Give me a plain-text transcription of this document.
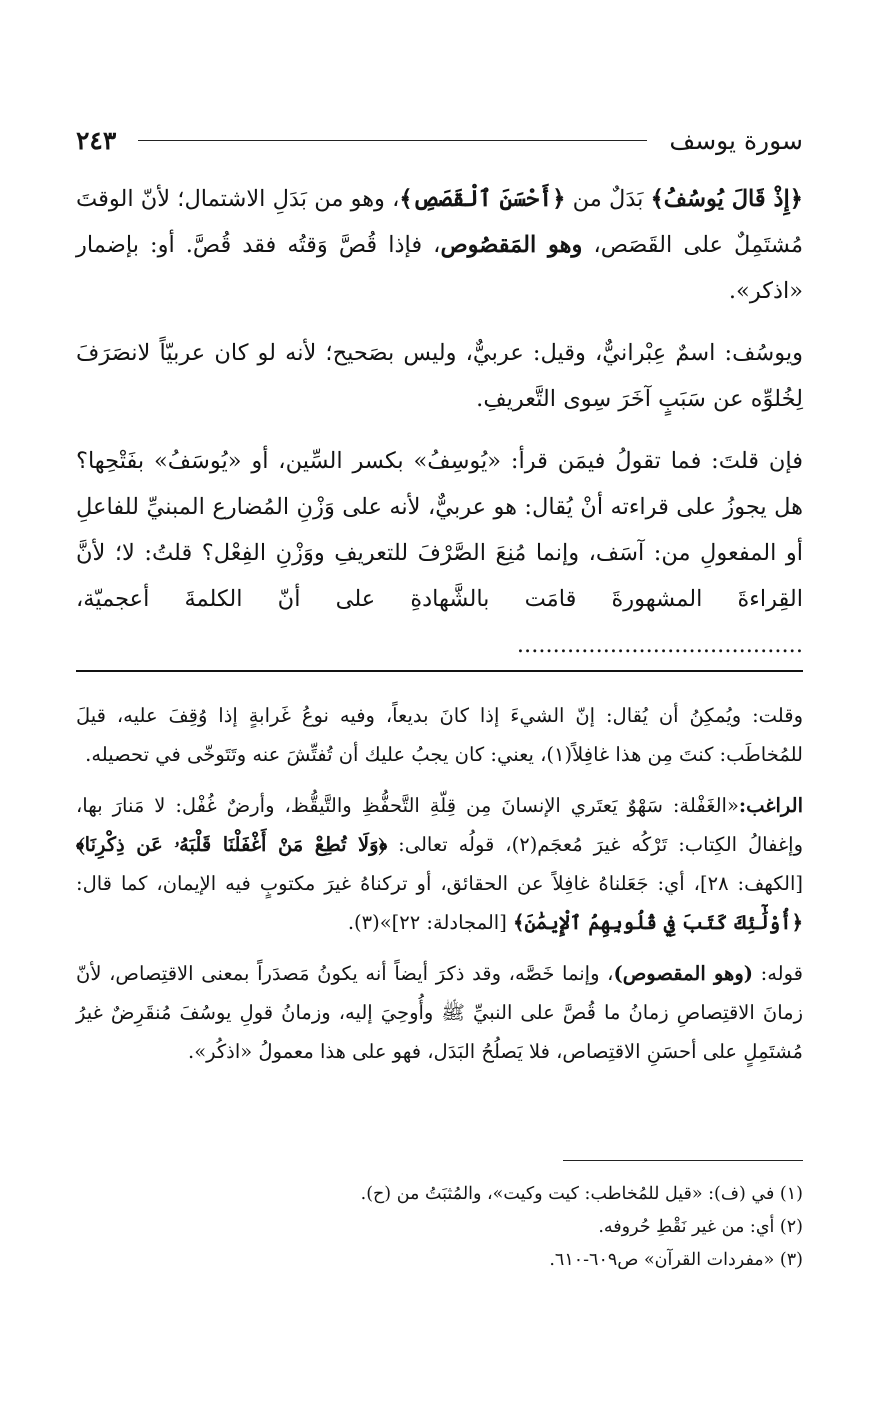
سورة يوسف
٢٤٣

﴿إِذْ قَالَ يُوسُفُ﴾ بَدَلٌ من ﴿أَحْسَنَ ٱلْقَصَصِ﴾، وهو من بَدَلِ الاشتمال؛ لأنّ الوقتَ مُشتَمِلٌ على القَصَص، وهو المَقصُوص، فإذا قُصَّ وَقتُه فقد قُصَّ. أو: بإضمار «اذكر».

ويوسُف: اسمٌ عِبْرانيٌّ، وقيل: عربيٌّ، وليس بصَحيح؛ لأنه لو كان عربيّاً لانصَرَفَ لِخُلوِّه عن سَبَبٍ آخَرَ سِوى التَّعريفِ.

فإن قلتَ: فما تقولُ فيمَن قرأ: «يُوسِفُ» بكسر السِّين، أو «يُوسَفُ» بفَتْحِها؟ هل يجوزُ على قراءته أنْ يُقال: هو عربيٌّ، لأنه على وَزْنِ المُضارع المبنيِّ للفاعلِ أو المفعولِ من: آسَف، وإنما مُنِعَ الصَّرْفَ للتعريفِ ووَزْنِ الفِعْل؟ قلتُ: لا؛ لأنَّ القِراءةَ المشهورةَ قامَت بالشَّهادةِ على أنّ الكلمةَ أعجميّة، ........................................

وقلت: ويُمكِنُ أن يُقال: إنّ الشيءَ إذا كانَ بديعاً، وفيه نوعُ غَرابةٍ إذا وُقِفَ عليه، قيلَ للمُخاطَب: كنتَ مِن هذا غافِلاً(١)، يعني: كان يجبُ عليك أن تُفتِّشَ عنه وتَتَوخّى في تحصيله.

الراغب:«الغَفْلة: سَهْوٌ يَعتَري الإنسانَ مِن قِلّةِ التَّحفُّظِ والتَّيقُّظ، وأرضٌ غُفْل: لا مَنارَ بها، وإغفالُ الكِتاب: تَرْكُه غيرَ مُعجَم(٢)، قولُه تعالى: ﴿وَلَا تُطِعْ مَنْ أَغْفَلْنَا قَلْبَهُۥ عَن ذِكْرِنَا﴾ [الكهف: ٢٨]، أي: جَعَلناهُ غافِلاً عن الحقائق، أو تركناهُ غيرَ مكتوبٍ فيه الإيمان، كما قال: ﴿أُوْلَٰٓئِكَ كَتَبَ فِي قُلُوبِهِمُ ٱلْإِيمَٰنَ﴾ [المجادلة: ٢٢]»(٣).

قوله: (وهو المقصوص)، وإنما خَصَّه، وقد ذكرَ أيضاً أنه يكونُ مَصدَراً بمعنى الاقتِصاص، لأنّ زمانَ الاقتِصاصِ زمانُ ما قُصَّ على النبيِّ ﷺ وأُوحِيَ إليه، وزمانُ قولِ يوسُفَ مُنقَرِضٌ غيرُ مُشتَمِلٍ على أحسَنِ الاقتِصاص، فلا يَصلُحُ البَدَل، فهو على هذا معمولُ «اذكُر».

(١) في (ف): «قيل للمُخاطب: كيت وكيت»، والمُثبَتُ من (ح).

(٢) أي: من غير نَقْطِ حُروفه.

(٣) «مفردات القرآن» ص٦٠٩-٦١٠.
